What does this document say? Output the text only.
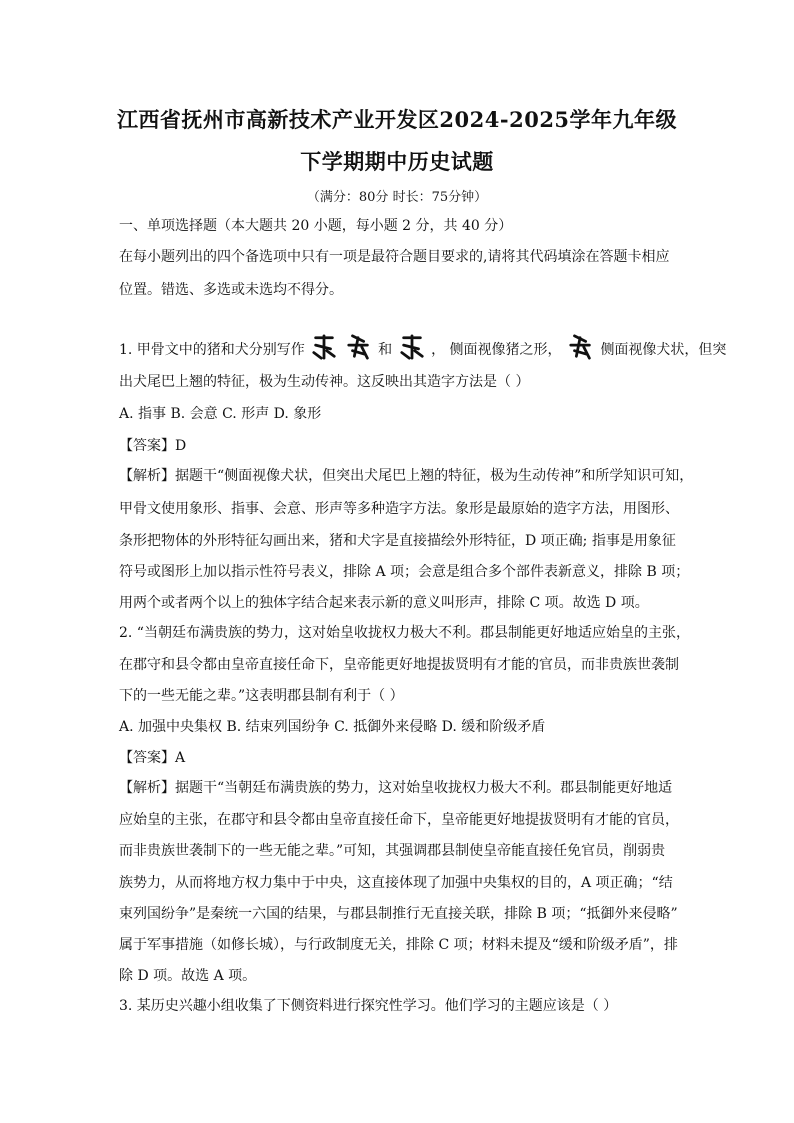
江西省抚州市高新技术产业开发区2024-2025学年九年级
下学期期中历史试题
（满分：80分 时长：75分钟）
一、单项选择题（本大题共 20 小题，每小题 2 分，共 40 分）
在每小题列出的四个备选项中只有一项是最符合题目要求的,请将其代码填涂在答题卡相应
位置。错选、多选或未选均不得分。
1. 甲骨文中的猪和犬分别写作	和	， 侧面视像猪之形，	侧面视像犬状，但突
出犬尾巴上翘的特征，极为生动传神。这反映出其造字方法是（ ）
A. 指事 B. 会意 C. 形声 D. 象形
【答案】D
【解析】据题干“侧面视像犬状，但突出犬尾巴上翘的特征，极为生动传神”和所学知识可知，
甲骨文使用象形、指事、会意、形声等多种造字方法。象形是最原始的造字方法，用图形、
条形把物体的外形特征勾画出来，猪和犬字是直接描绘外形特征，D 项正确; 指事是用象征
符号或图形上加以指示性符号表义，排除 A 项；会意是组合多个部件表新意义，排除 B 项；
用两个或者两个以上的独体字结合起来表示新的意义叫形声，排除 C 项。故选 D 项。
2. “当朝廷布满贵族的势力，这对始皇收拢权力极大不利。郡县制能更好地适应始皇的主张，
在郡守和县令都由皇帝直接任命下，皇帝能更好地提拔贤明有才能的官员，而非贵族世袭制
下的一些无能之辈。”这表明郡县制有利于（ ）
A. 加强中央集权 B. 结束列国纷争 C. 抵御外来侵略 D. 缓和阶级矛盾
【答案】A
【解析】据题干“当朝廷布满贵族的势力，这对始皇收拢权力极大不利。郡县制能更好地适
应始皇的主张，在郡守和县令都由皇帝直接任命下，皇帝能更好地提拔贤明有才能的官员，
而非贵族世袭制下的一些无能之辈。”可知，其强调郡县制使皇帝能直接任免官员，削弱贵
族势力，从而将地方权力集中于中央，这直接体现了加强中央集权的目的，A 项正确；“结
束列国纷争”是秦统一六国的结果，与郡县制推行无直接关联，排除 B 项；“抵御外来侵略”
属于军事措施（如修长城），与行政制度无关，排除 C 项；材料未提及“缓和阶级矛盾”，排
除 D 项。故选 A 项。
3. 某历史兴趣小组收集了下侧资料进行探究性学习。他们学习的主题应该是（ ）
